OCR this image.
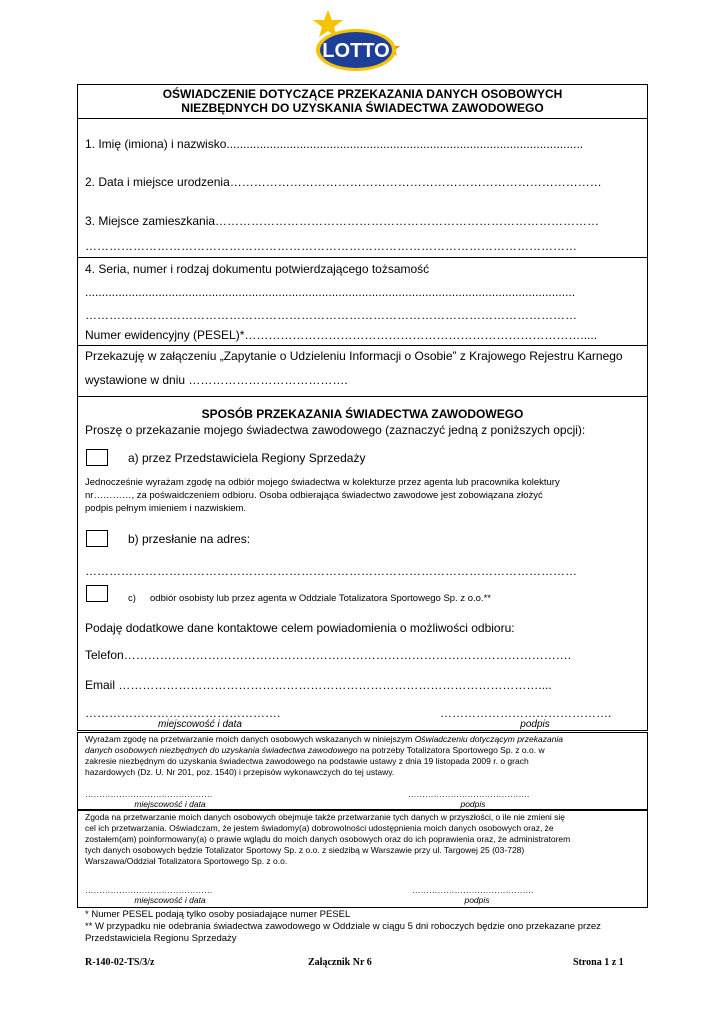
LOTTO
OŚWIADCZENIE DOTYCZĄCE PRZEKAZANIA DANYCH OSOBOWYCH
NIEZBĘDNYCH DO UZYSKANIA ŚWIADECTWA ZAWODOWEGO
1. Imię (imiona) i nazwisko...........................................................................................................
2. Data i miejsce urodzenia…………………………………………………………………………………
3. Miejsce zamieszkania……………………………………………………………………………………
……………………………………………………………………………………………………………
4. Seria, numer i rodzaj dokumentu potwierdzającego tożsamość
...................................................................................................................................................
……………………………………………………………………………………………………………
Numer ewidencyjny (PESEL)*………………………………………………………………………….....
Przekazuję w załączeniu „Zapytanie o Udzieleniu Informacji o Osobie” z Krajowego Rejestru Karnego
wystawione w dniu ………………………………….
SPOSÓB PRZEKAZANIA ŚWIADECTWA ZAWODOWEGO
Proszę o przekazanie mojego świadectwa zawodowego (zaznaczyć jedną z poniższych opcji):
a) przez Przedstawiciela Regiony Sprzedaży
Jednocześnie wyrażam zgodę na odbiór mojego świadectwa w kolekturze przez agenta lub pracownika kolektury
nr…………, za pośwaidczeniem odbioru. Osoba odbierająca świadectwo zawodowe jest zobowiązana złożyć
podpis pełnym imieniem i nazwiskiem.
b) przesłanie na adres:
……………………………………………………………………………………………………………
c) odbiór osobisty lub przez agenta w Oddziale Totalizatora Sportowego Sp. z o.o.**
Podaję dodatkowe dane kontaktowe celem powiadomienia o możliwości odbioru:
Telefon………………………………………………………………………………………………….
Email ……………………………………………………………………………………………....
………………………………………….	…………………………………….
miejscowość i data	podpis
Wyrażam zgodę na przetwarzanie moich danych osobowych wskazanych w niniejszym Oświadczeniu dotyczącym przekazania
danych osobowych niezbędnych do uzyskania świadectwa zawodowego na potrzeby Totalizatora Sportowego Sp. z o.o. w
zakresie niezbędnym do uzyskania świadectwa zawodowego na podstawie ustawy z dnia 19 listopada 2009 r. o grach
hazardowych (Dz. U. Nr 201, poz. 1540) i przepisów wykonawczych do tej ustawy.
………………………………………	…………………………………….
miejscowość i data	podpis
Zgoda na przetwarzanie moich danych osobowych obejmuje także przetwarzanie tych danych w przyszłości, o ile nie zmieni się
cel ich przetwarzania. Oświadczam, że jestem świadomy(a) dobrowolności udostępnienia moich danych osobowych oraz, że
zostałem(am) poinformowany(a) o prawie wglądu do moich danych osobowych oraz do ich poprawienia oraz, że administratorem
tych danych osobowych będzie Totalizator Sportowy Sp. z o.o. z siedzibą w Warszawie przy ul. Targowej 25 (03-728)
Warszawa/Oddział Totalizatora Sportowego Sp. z o.o.
………………………………………	…………………………………….
miejscowość i data	podpis
* Numer PESEL podają tylko osoby posiadające numer PESEL
** W przypadku nie odebrania świadectwa zawodowego w Oddziale w ciągu 5 dni roboczych będzie ono przekazane przez
Przedstawiciela Regionu Sprzedaży
R-140-02-TS/3/z	Załącznik Nr 6	Strona 1 z 1
